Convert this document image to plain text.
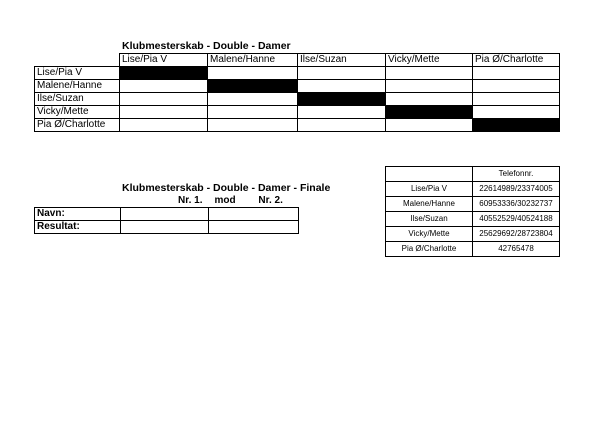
Klubmesterskab - Double - Damer
	Lise/Pia V	Malene/Hanne	Ilse/Suzan	Vicky/Mette	Pia Ø/Charlotte
Lise/Pia V					
Malene/Hanne					
Ilse/Suzan					
Vicky/Mette					
Pia Ø/Charlotte					
Klubmesterskab - Double - Damer - Finale
	Nr. 1.	mod Nr. 2.
Navn:		
Resultat:		
	Telefonnr.
Lise/Pia V	22614989/23374005
Malene/Hanne	60953336/30232737
Ilse/Suzan	40552529/40524188
Vicky/Mette	25629692/28723804
Pia Ø/Charlotte	42765478
